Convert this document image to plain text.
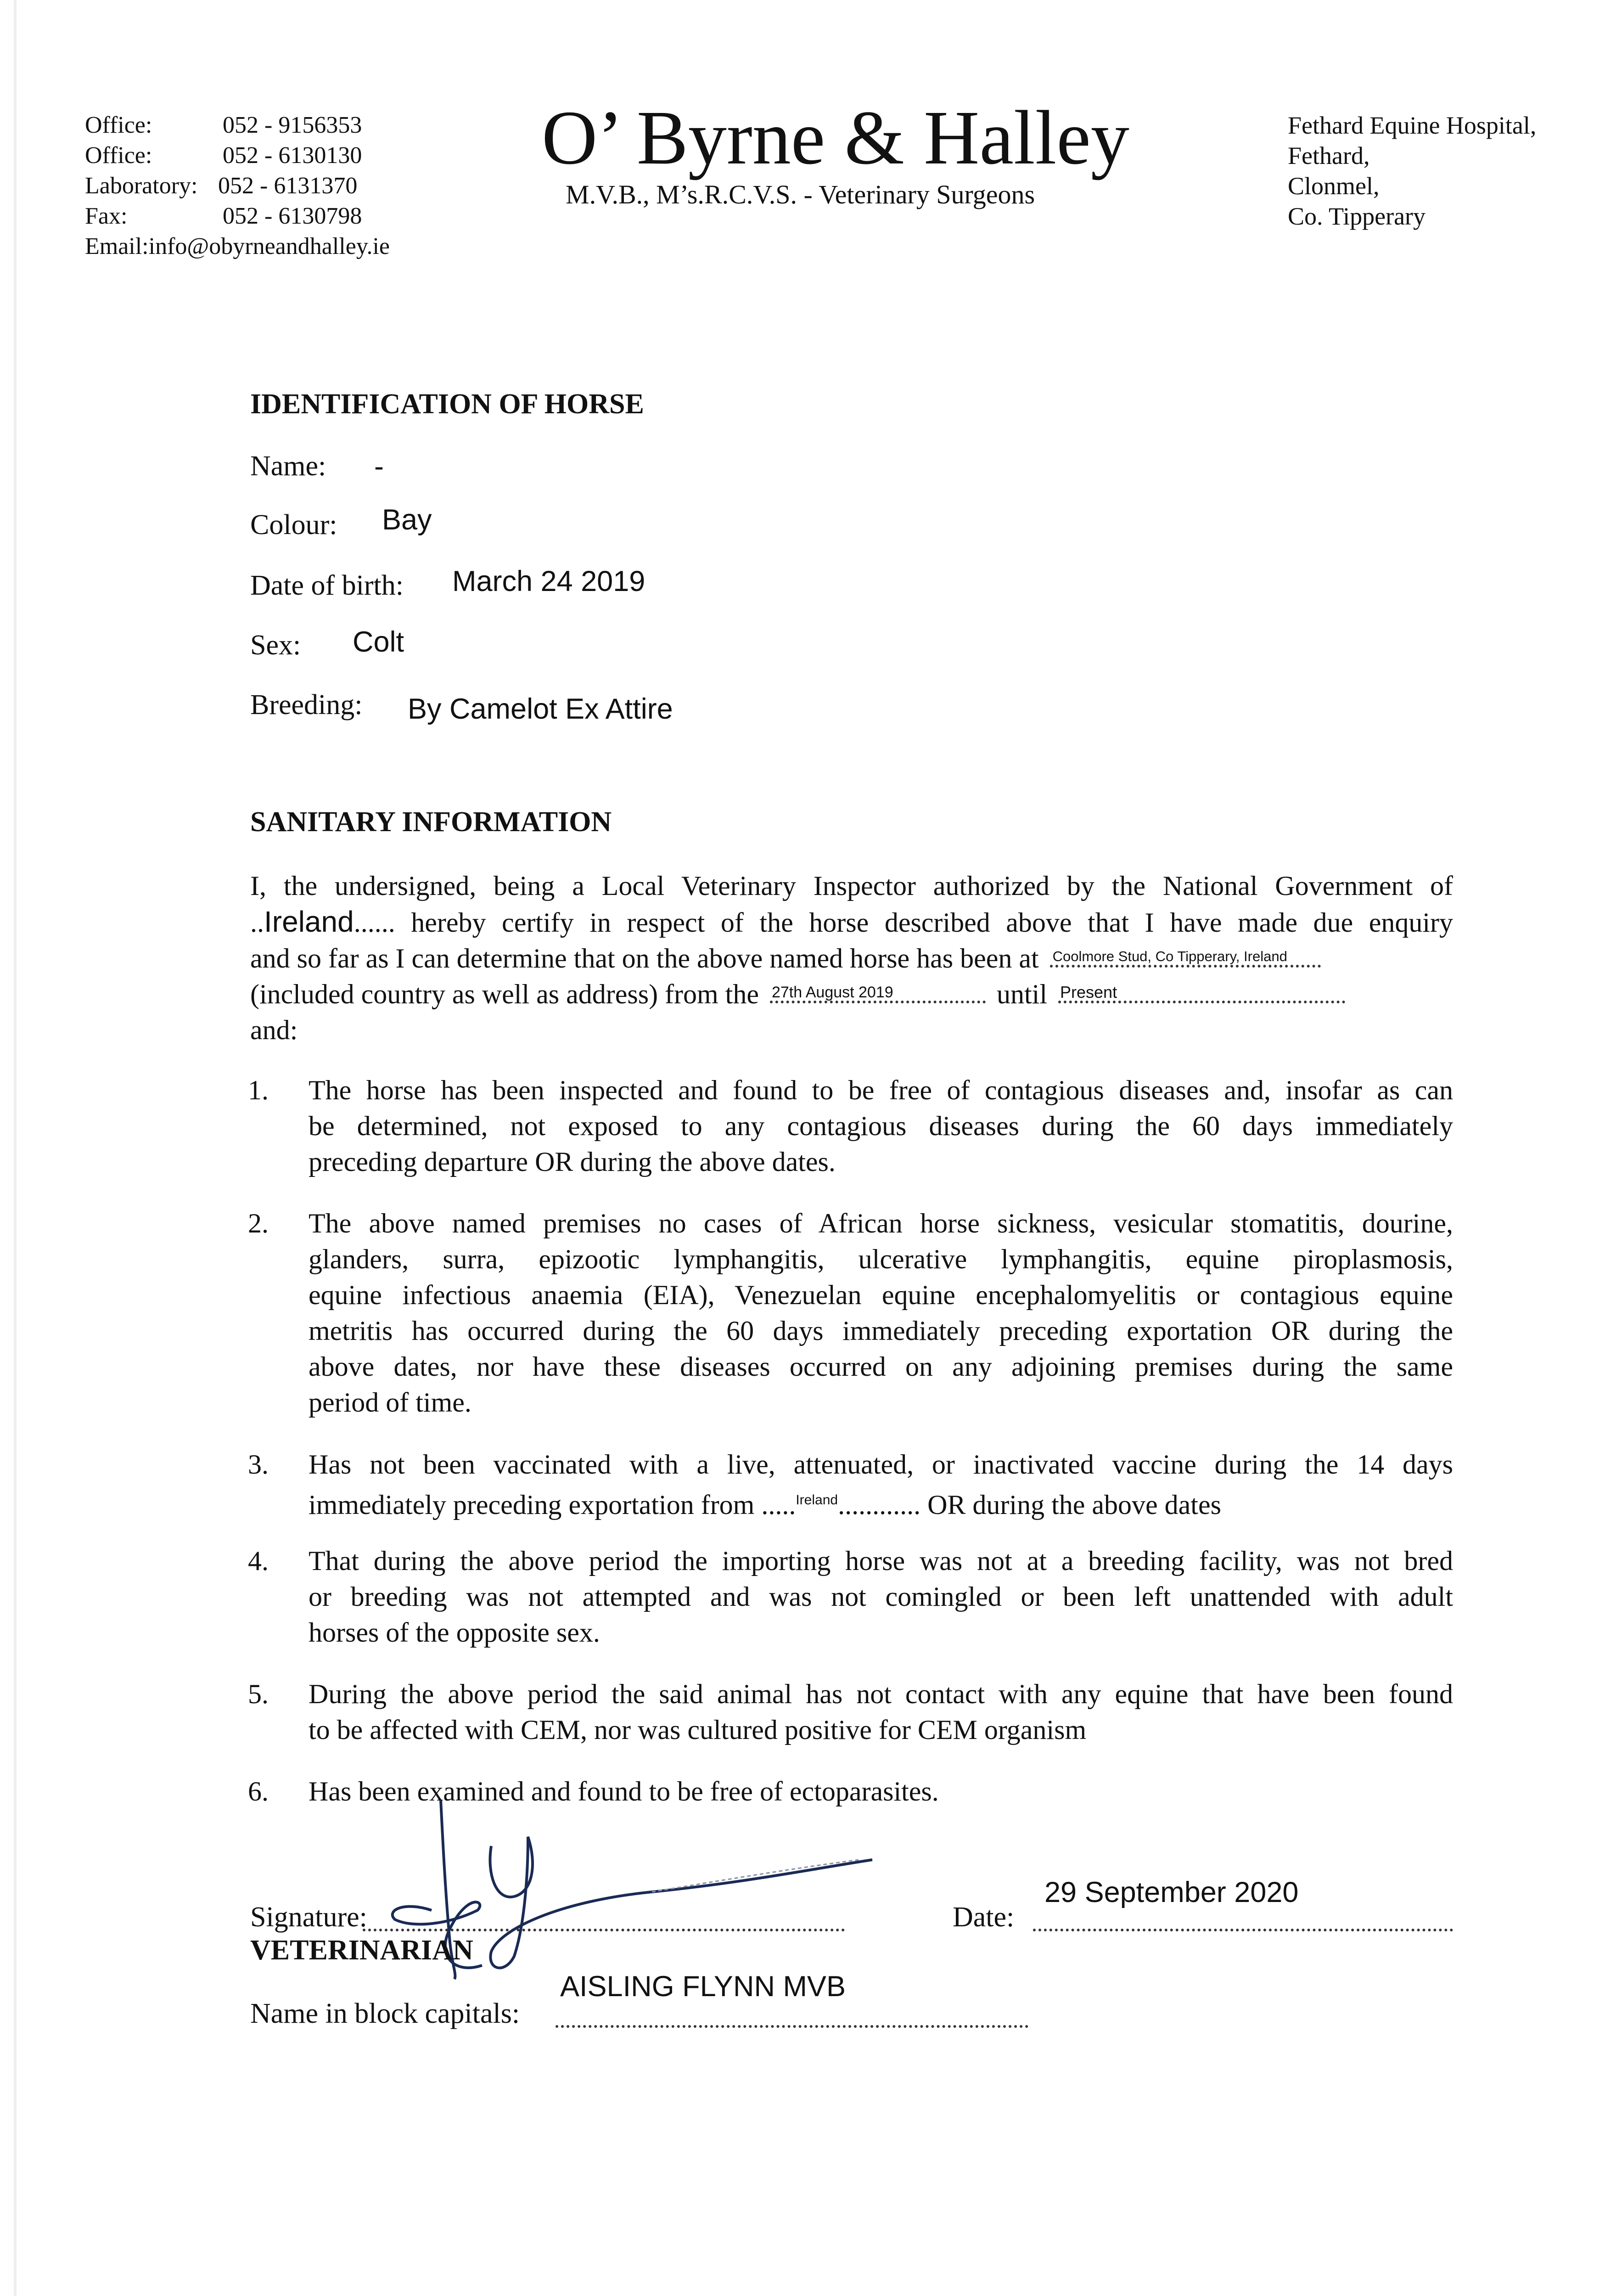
Office:	052 - 9156353
Office:	052 - 6130130
Laboratory: 052 - 6131370
Fax:	052 - 6130798
Email:info@obyrneandhalley.ie
O’ Byrne & Halley
M.V.B., M’s.R.C.V.S. - Veterinary Surgeons
Fethard Equine Hospital,
Fethard,
Clonmel,
Co. Tipperary
IDENTIFICATION OF HORSE
Name: -
Colour: Bay
Date of birth: March 24 2019
Sex: Colt
Breeding: By Camelot Ex Attire
SANITARY INFORMATION
I, the undersigned, being a Local Veterinary Inspector authorized by the National Government of
..Ireland...... hereby certify in respect of the horse described above that I have made due enquiry
and so far as I can determine that on the above named horse has been at Coolmore Stud, Co Tipperary, Ireland
(included country as well as address) from the 27th August 2019	until Present
and:
1. The horse has been inspected and found to be free of contagious diseases and, insofar as can
be determined, not exposed to any contagious diseases during the 60 days immediately
preceding departure OR during the above dates.
2. The above named premises no cases of African horse sickness, vesicular stomatitis, dourine,
glanders, surra, epizootic lymphangitis, ulcerative lymphangitis, equine piroplasmosis,
equine infectious anaemia (EIA), Venezuelan equine encephalomyelitis or contagious equine
metritis has occurred during the 60 days immediately preceding exportation OR during the
above dates, nor have these diseases occurred on any adjoining premises during the same
period of time.
3. Has not been vaccinated with a live, attenuated, or inactivated vaccine during the 14 days
immediately preceding exportation from .....$^{Ireland}$............ OR during the above dates
4. That during the above period the importing horse was not at a breeding facility, was not bred
or breeding was not attempted and was not comingled or been left unattended with adult
horses of the opposite sex.
5. During the above period the said animal has not contact with any equine that have been found
to be affected with CEM, nor was cultured positive for CEM organism
6. Has been examined and found to be free of ectoparasites.
Signature:	Date:
29 September 2020
VETERINARIAN
AISLING FLYNN MVB
Name in block capitals:
